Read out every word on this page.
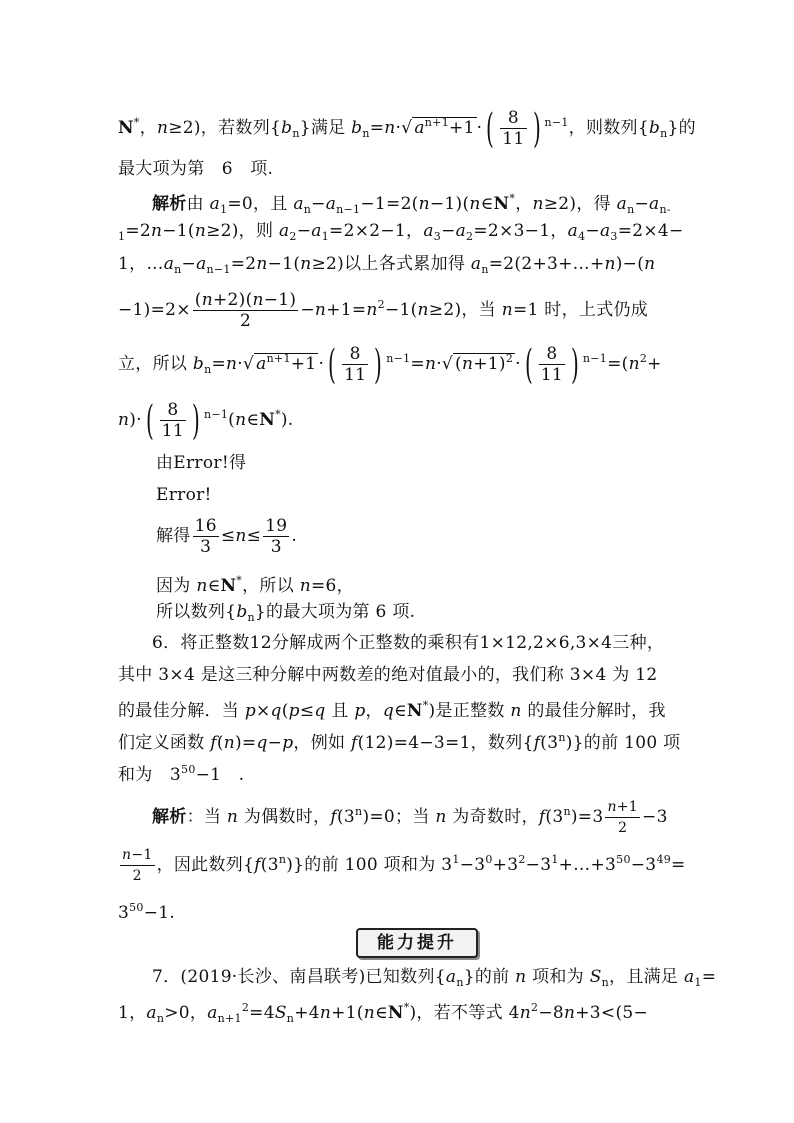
N*，n≥2)，若数列$\{b_n\}$满足 $b_n=n\cdot√$ $a^{n+1}+1$ ·( $\frac{8}{11}$ ) $^{n-1}$，则数列$\{b_n\}$的
最大项为第　6　项.
解析由 $a_1=0$，且 $a_n-a_{n-1}-1=2(n-1)(n\in N^*$，n≥2)，得 $a_n-a_{n-}$
$_1$=2n−1(n≥2)，则 $a_2-a_1=2\times 2-1$，$a_3-a_2=2\times 3-1$，$a_4-a_3=2\times 4-$
1，$\dots a_n-a_{n-1}=2n-1(n\ge 2)$以上各式累加得 $a_n=2(2+3+\dots+n)-(n$
$-1)=2\times \frac{(n+2)(n-1)}{2} -n+1=n^2-1(n\ge 2)$，当 n=1 时，上式仍成
立，所以 $b_n=n\cdot√$ $a^{n+1}+1$ ·( $\frac{8}{11}$ ) $^{n-1}$=n·√ $(n+1)^2$ ·( $\frac{8}{11}$ ) $^{n-1}=(n^2+$
$n)\cdot( \frac{8}{11}$ ) $^{n-1}$(n∈N*).
由Error!得
Error!
解得 $\frac{16}{3} \le n\le \frac{19}{3}$ .
因为 n∈N*，所以 n=6，
所以数列$\{b_n\}$的最大项为第 6 项.
6．将正整数12分解成两个正整数的乘积有1×12,2×6,3×4三种，
其中 3×4 是这三种分解中两数差的绝对值最小的，我们称 3×4 为 12
的最佳分解．当 p×q(p≤q 且 p，q∈N*)是正整数 n 的最佳分解时，我
们定义函数 f(n)=q−p，例如 f(12)=4−3=1，数列{f(3$^n$)}的前 100 项
和为　$3^{50}-1$　.
解析：当 n 为偶数时，$f(3^n)=0$；当 n 为奇数时，$f(3^n)=3 \frac{n+1}{2} -3$
$\frac{n-1}{2}$ ，因此数列{f(3$^n$)}的前 100 项和为 $3^1-3^0+3^2-3^1+\dots+3^{50}-3^{49}=$
$3^{50}-1$.
能力提升
7．(2019·长沙、南昌联考)已知数列$\{a_n\}$的前 n 项和为 $S_n$，且满足 $a_1=$
1，$a_n>0$，$a_{n+1}^2=4S_n+4n+1(n\in N^*)$，若不等式 $4n^2-8n+3<(5-$
